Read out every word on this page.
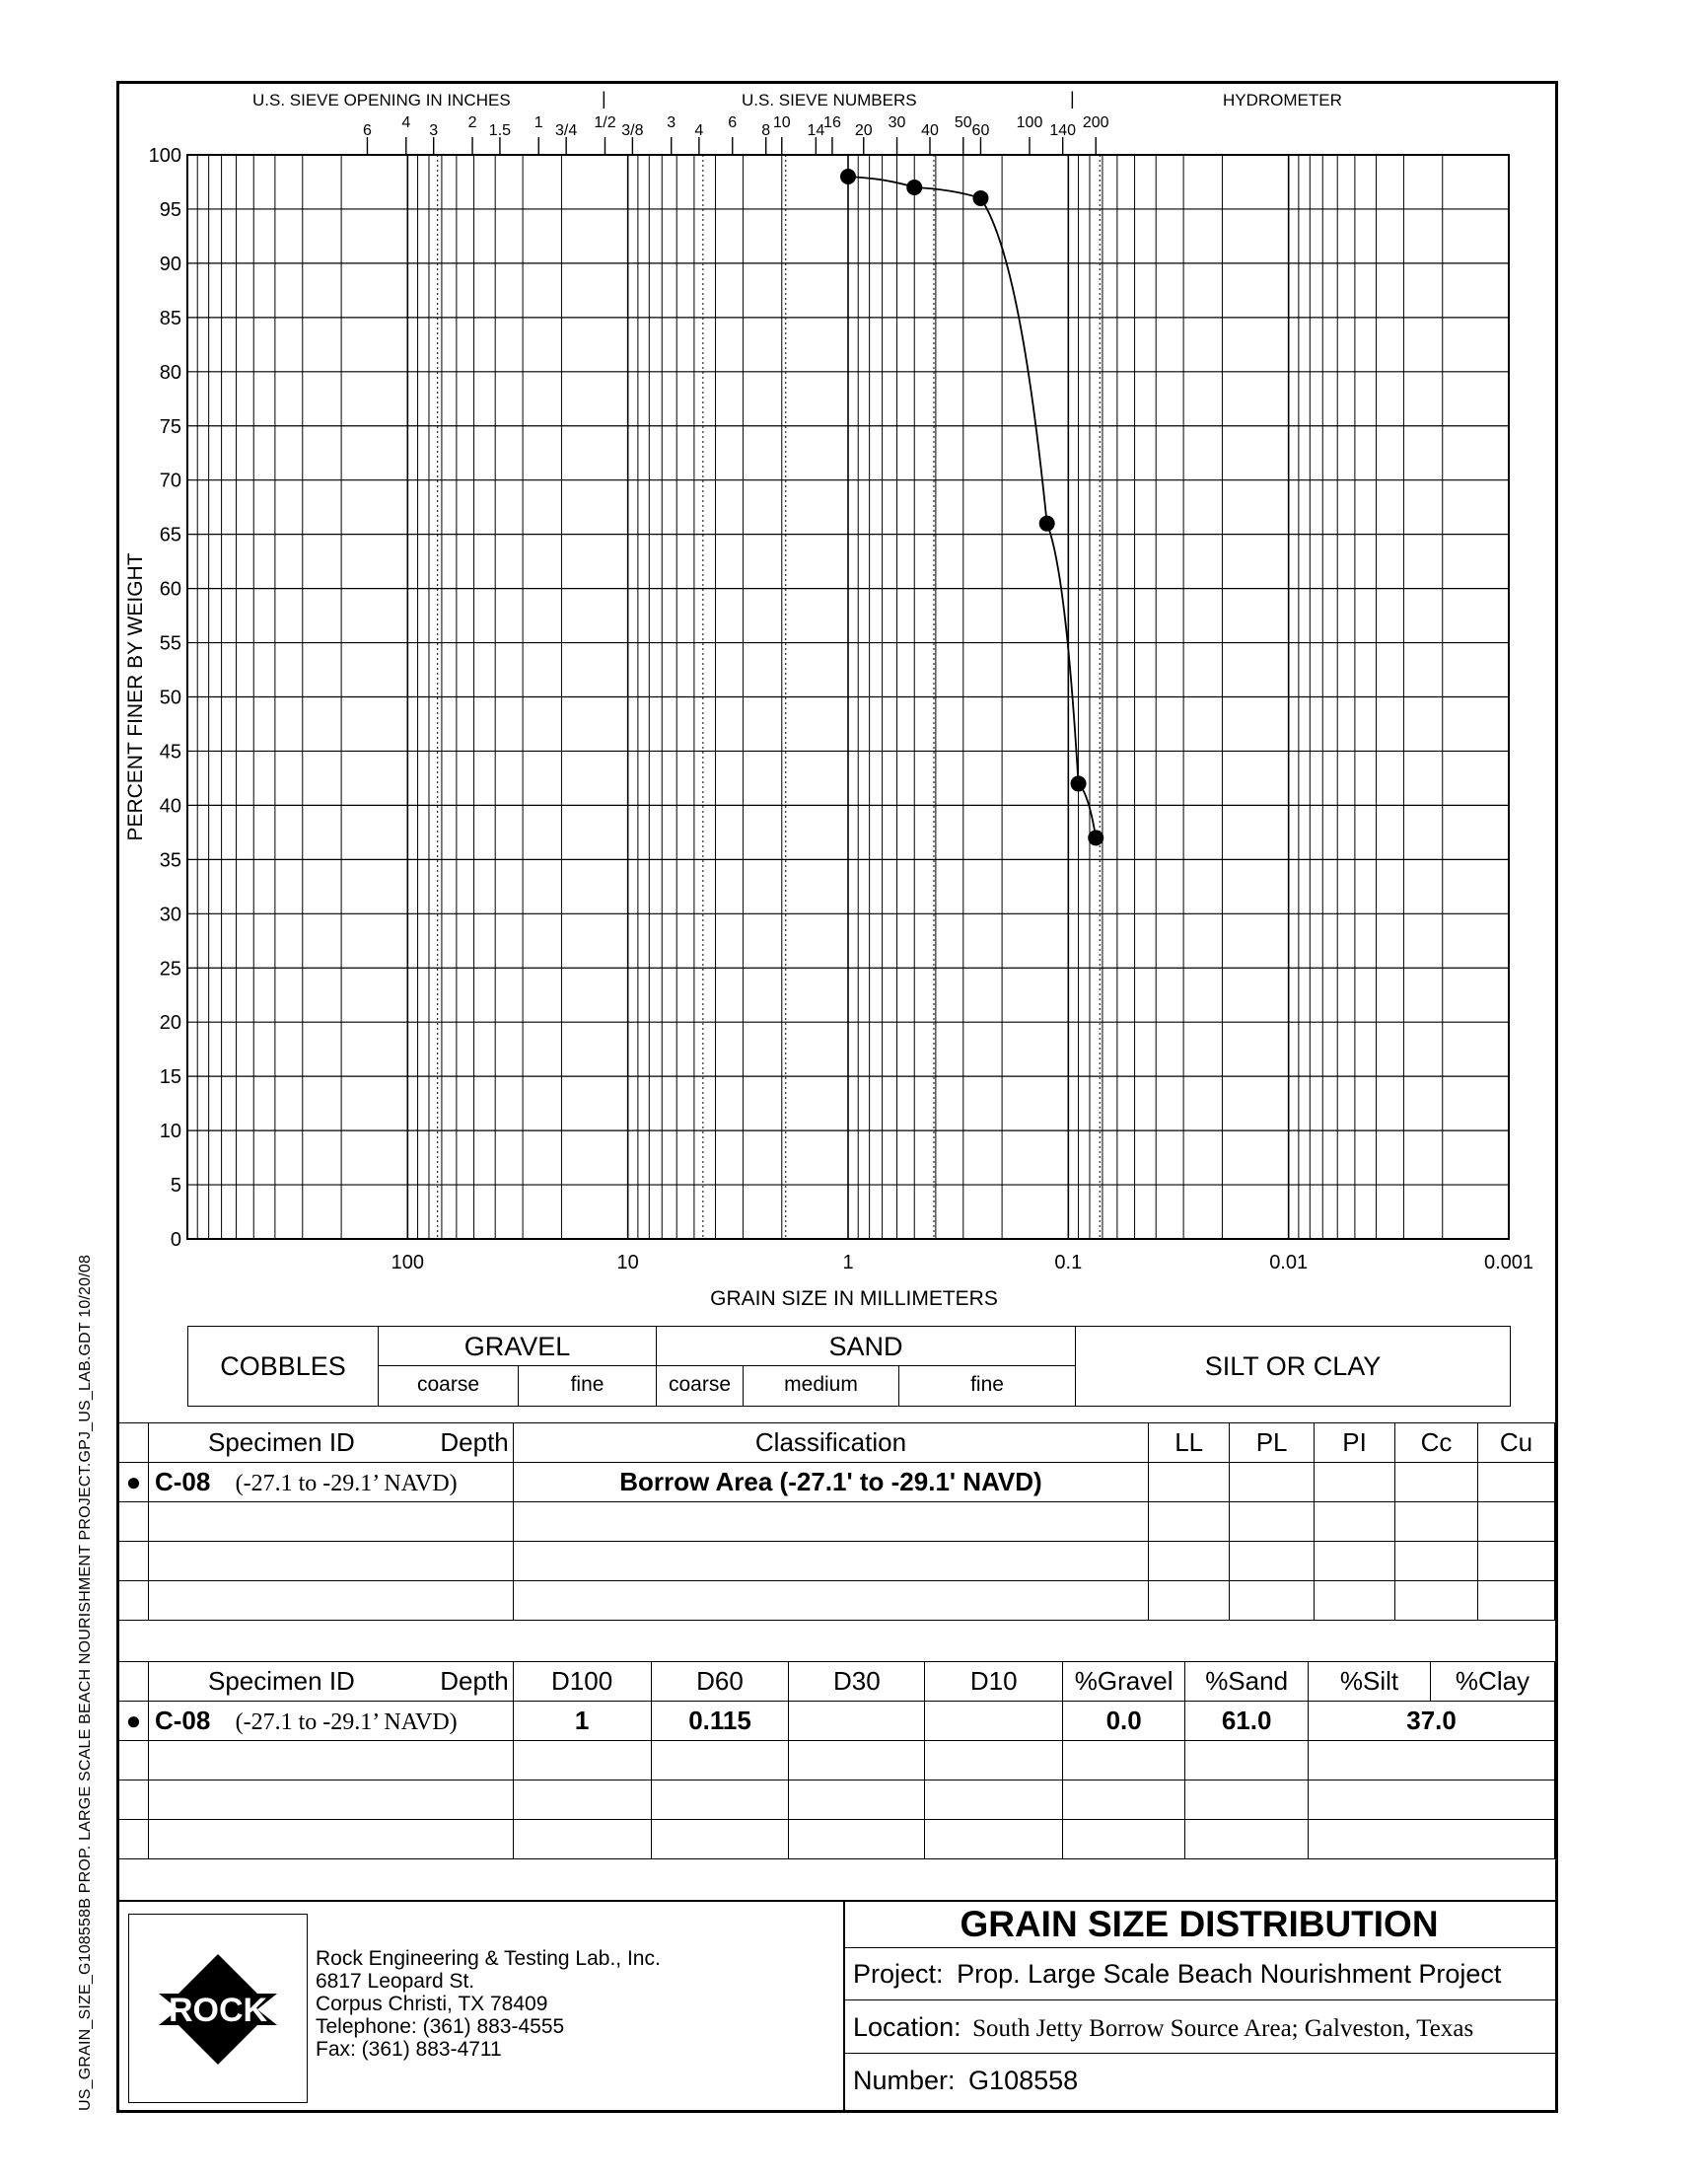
US_GRAIN_SIZE_G108558B PROP. LARGE SCALE BEACH NOURISHMENT PROJECT.GPJ_US_LAB.GDT 10/20/08
U.S. SIEVE OPENING IN INCHES	|	U.S. SIEVE NUMBERS	|	HYDROMETER
100
95
90
85
80
75
70
65
60
55
50
45
40
35
30
25
20
15
10
5
0
100	10	1	0.1	0.01	0.001
PERCENT FINER BY WEIGHT
6 4 3 2 1.5 1 3/4 1/2 3/8 3 4 6 8 10 14
16 20 30 40 50 60 100 140 200
GRAIN SIZE IN MILLIMETERS
COBBLES
GRAVEL
coarse	fine
SAND
coarse	medium	fine
SILT OR CLAY
	Specimen ID Depth	Classification	LL	PL	PI	Cc	Cu
●	C-08 (-27.1 to -29.1’ NAVD)	Borrow Area (-27.1' to -29.1' NAVD)					

	Specimen ID Depth	D100	D60	D30	D10	%Gravel	%Sand	%Silt	%Clay
●	C-08 (-27.1 to -29.1’ NAVD)	1	0.115			0.0	61.0	37.0	

ROCK
Rock Engineering & Testing Lab., Inc.
6817 Leopard St.
Corpus Christi, TX 78409
Telephone: (361) 883-4555
Fax: (361) 883-4711
GRAIN SIZE DISTRIBUTION
Project: Prop. Large Scale Beach Nourishment Project
Location: South Jetty Borrow Source Area; Galveston, Texas
Number: G108558
